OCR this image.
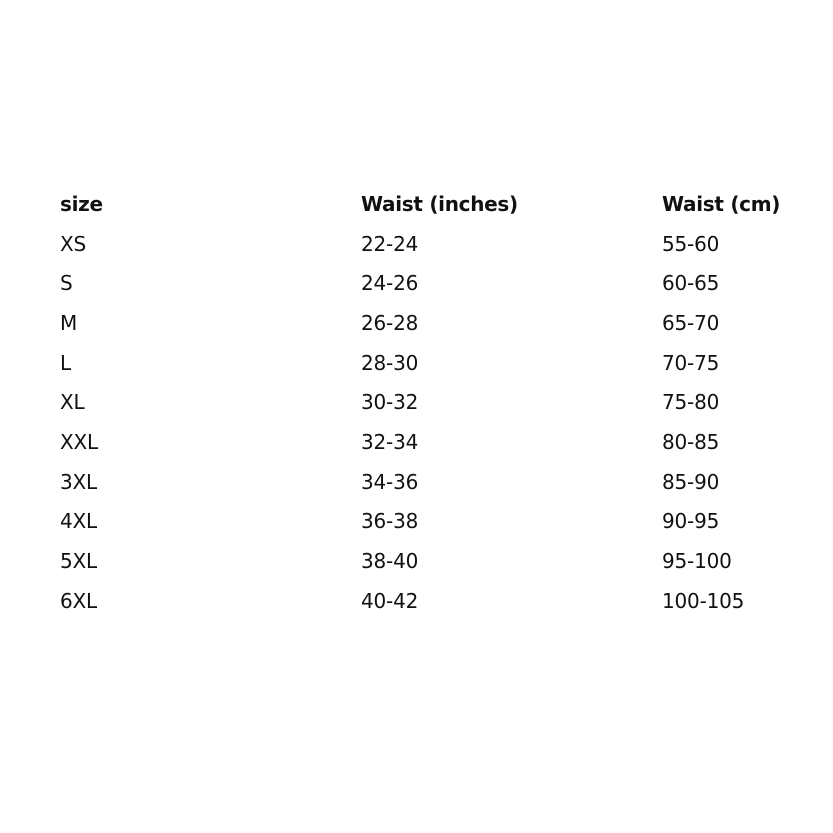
size	Waist (inches)	Waist (cm)
XS	22-24	55-60
S	24-26	60-65
M	26-28	65-70
L	28-30	70-75
XL	30-32	75-80
XXL	32-34	80-85
3XL	34-36	85-90
4XL	36-38	90-95
5XL	38-40	95-100
6XL	40-42	100-105
